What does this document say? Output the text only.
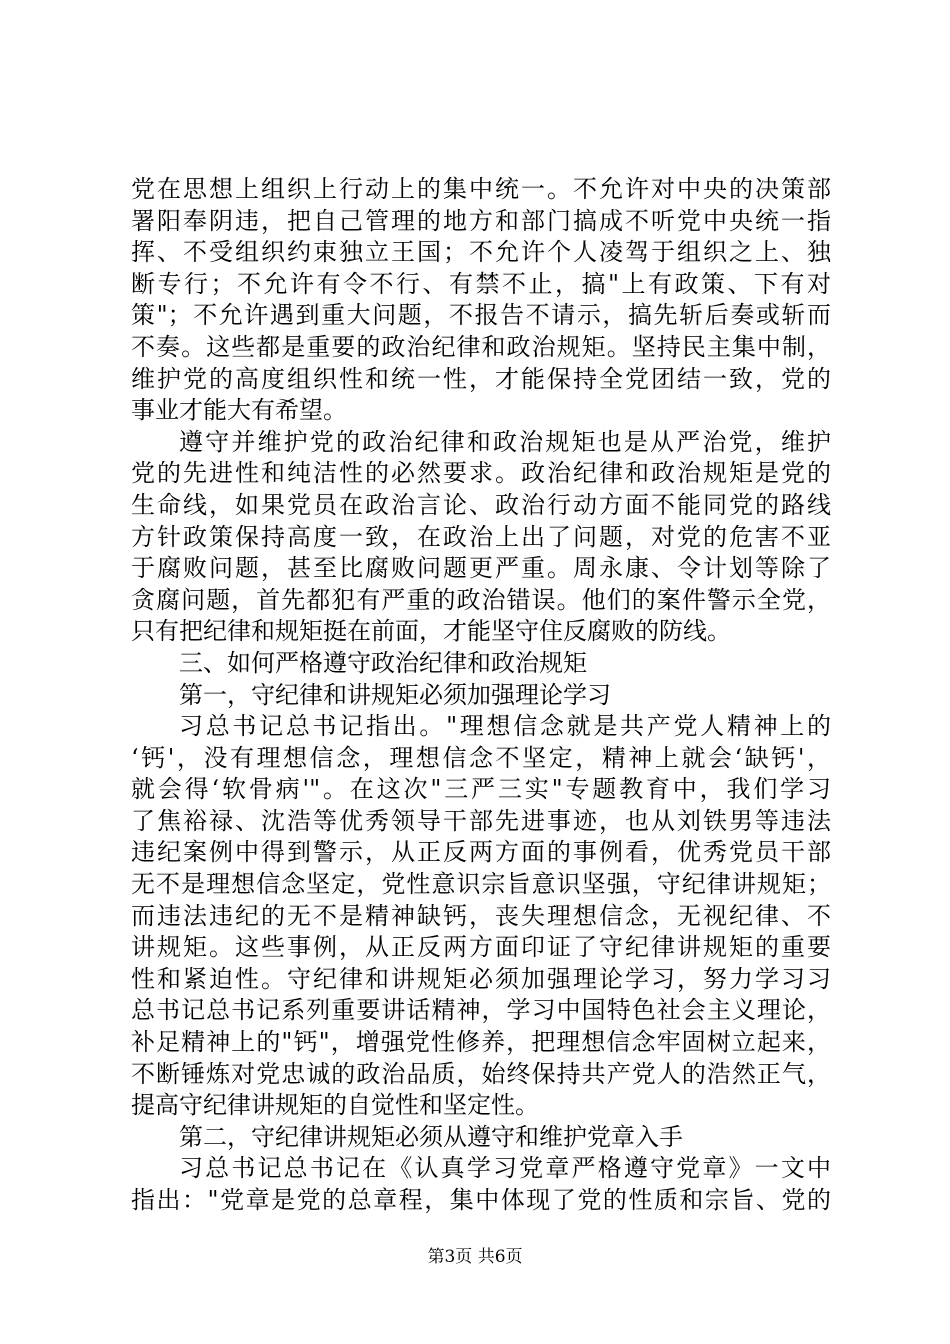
党在思想上组织上行动上的集中统一。不允许对中央的决策部
署阳奉阴违，把自己管理的地方和部门搞成不听党中央统一指
挥、不受组织约束独立王国；不允许个人凌驾于组织之上、独
断专行；不允许有令不行、有禁不止，搞"上有政策、下有对
策"；不允许遇到重大问题，不报告不请示，搞先斩后奏或斩而
不奏。这些都是重要的政治纪律和政治规矩。坚持民主集中制，
维护党的高度组织性和统一性，才能保持全党团结一致，党的
事业才能大有希望。
遵守并维护党的政治纪律和政治规矩也是从严治党，维护
党的先进性和纯洁性的必然要求。政治纪律和政治规矩是党的
生命线，如果党员在政治言论、政治行动方面不能同党的路线
方针政策保持高度一致，在政治上出了问题，对党的危害不亚
于腐败问题，甚至比腐败问题更严重。周永康、令计划等除了
贪腐问题，首先都犯有严重的政治错误。他们的案件警示全党，
只有把纪律和规矩挺在前面，才能坚守住反腐败的防线。
三、如何严格遵守政治纪律和政治规矩
第一，守纪律和讲规矩必须加强理论学习
习总书记总书记指出。"理想信念就是共产党人精神上的
‘钙'，没有理想信念，理想信念不坚定，精神上就会‘缺钙'，
就会得‘软骨病'"。在这次"三严三实"专题教育中，我们学习
了焦裕禄、沈浩等优秀领导干部先进事迹，也从刘铁男等违法
违纪案例中得到警示，从正反两方面的事例看，优秀党员干部
无不是理想信念坚定，党性意识宗旨意识坚强，守纪律讲规矩；
而违法违纪的无不是精神缺钙，丧失理想信念，无视纪律、不
讲规矩。这些事例，从正反两方面印证了守纪律讲规矩的重要
性和紧迫性。守纪律和讲规矩必须加强理论学习，努力学习习
总书记总书记系列重要讲话精神，学习中国特色社会主义理论，
补足精神上的"钙"，增强党性修养，把理想信念牢固树立起来，
不断锤炼对党忠诚的政治品质，始终保持共产党人的浩然正气，
提高守纪律讲规矩的自觉性和坚定性。
第二，守纪律讲规矩必须从遵守和维护党章入手
习总书记总书记在《认真学习党章严格遵守党章》一文中
指出："党章是党的总章程，集中体现了党的性质和宗旨、党的
第3页 共6页
